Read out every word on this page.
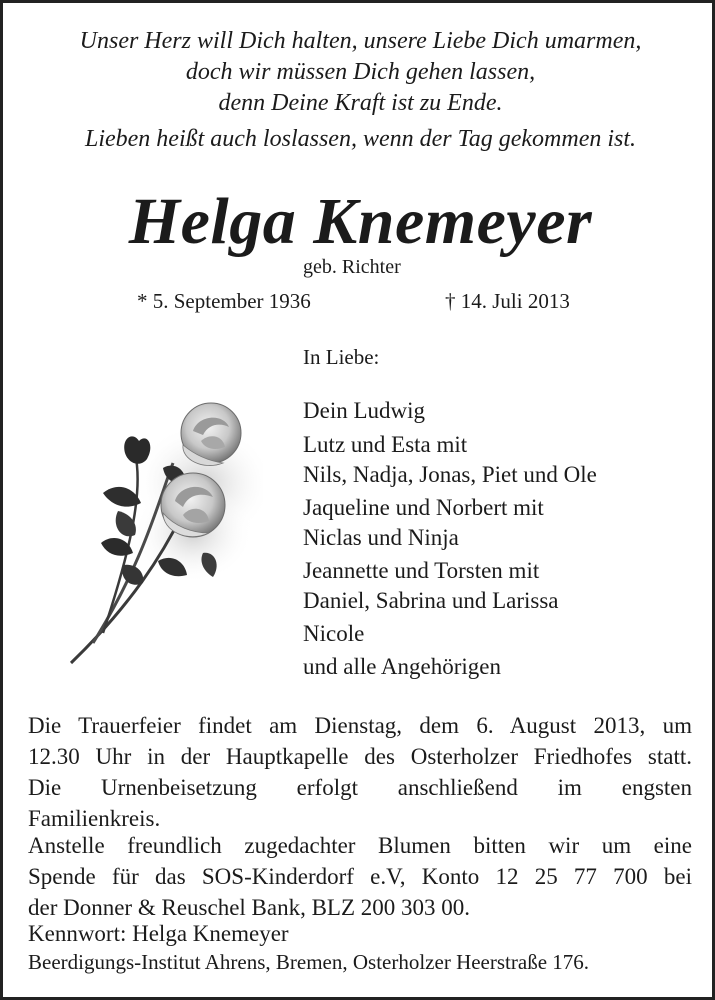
Unser Herz will Dich halten, unsere Liebe Dich umarmen,
doch wir müssen Dich gehen lassen,
denn Deine Kraft ist zu Ende.
Lieben heißt auch loslassen, wenn der Tag gekommen ist.
Helga Knemeyer
geb. Richter
* 5. September 1936	† 14. Juli 2013
In Liebe:
Dein Ludwig
Lutz und Esta mit
Nils, Nadja, Jonas, Piet und Ole
Jaqueline und Norbert mit
Niclas und Ninja
Jeannette und Torsten mit
Daniel, Sabrina und Larissa
Nicole
und alle Angehörigen
Die Trauerfeier findet am Dienstag, dem 6. August 2013, um
12.30 Uhr in der Hauptkapelle des Osterholzer Friedhofes statt.
Die Urnenbeisetzung erfolgt anschließend im engsten
Familienkreis.
Anstelle freundlich zugedachter Blumen bitten wir um eine
Spende für das SOS-Kinderdorf e.V, Konto 12 25 77 700 bei
der Donner & Reuschel Bank, BLZ 200 303 00.
Kennwort: Helga Knemeyer
Beerdigungs-Institut Ahrens, Bremen, Osterholzer Heerstraße 176.
